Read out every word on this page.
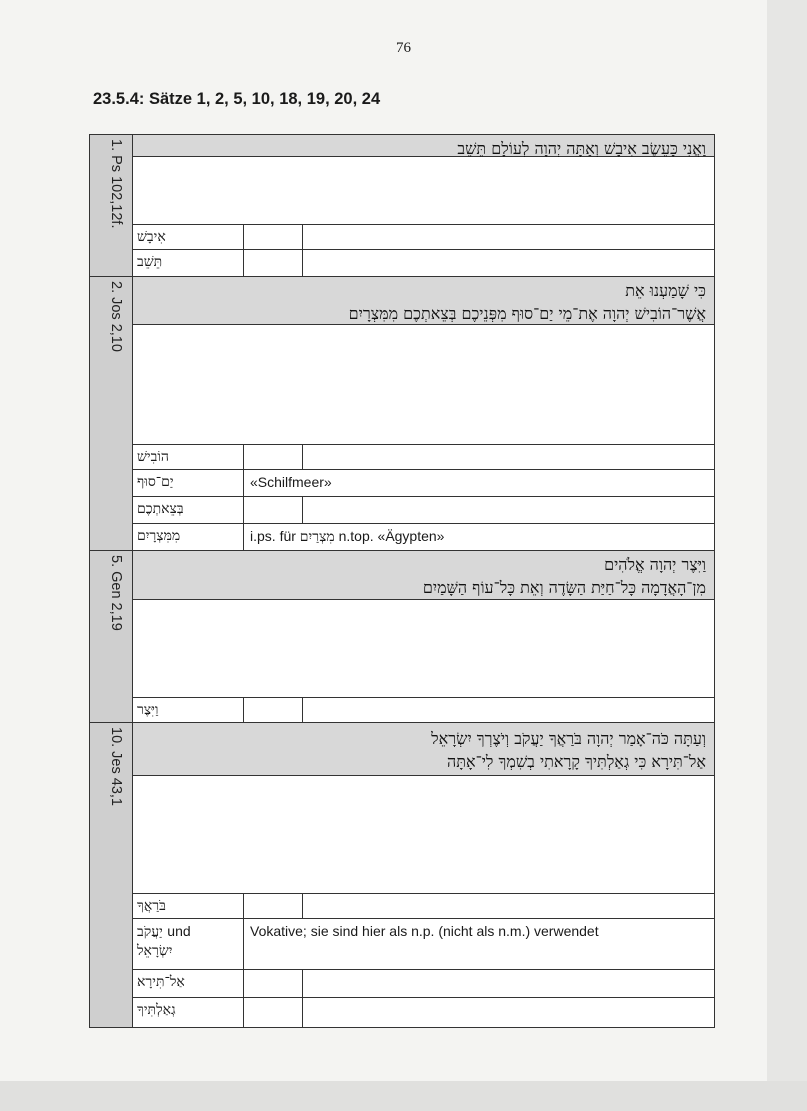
76
23.5.4: Sätze 1, 2, 5, 10, 18, 19, 20, 24
1. Ps 102,12f.	וַאֲנִי כָּעֵשֶׂב אִיבָשׁ וְאַתָּה יְהוָה לְעוֹלָם תֵּשֵׁב
אִיבָשׁ
תֵּשֵׁב
2. Jos 2,10	כִּי שָׁמַעְנוּ אֵת
אֲשֶׁר־הוֹבִישׁ יְהוָה אֶת־מֵי יַם־סוּף מִפְּנֵיכֶם בְּצֵאתְכֶם מִמִּצְרָיִם
הוֹבִישׁ
יַם־סוּף	«Schilfmeer»
בְּצֵאתְכֶם
מִמִּצְרָיִם	i.ps. für מִצְרַיִם n.top. «Ägypten»
5. Gen 2,19	וַיִּצֶר יְהוָה אֱלֹהִים
מִן־הָאֲדָמָה כָּל־חַיַּת הַשָּׂדֶה וְאֵת כָּל־עוֹף הַשָּׁמַיִם
וַיִּצֶר
10. Jes 43,1	וְעַתָּה כֹּה־אָמַר יְהוָה בֹּרַאֲךָ יַעֲקֹב וְיֹצֶרְךָ יִשְׂרָאֵל
אַל־תִּירָא כִּי גְאַלְתִּיךָ קָרָאתִי בְשִׁמְךָ לִי־אָתָּה
בֹּרַאֲךָ
יַעֲקֹב und
יִשְׂרָאֵל
Vokative; sie sind hier als n.p. (nicht als n.m.) verwendet
אַל־תִּירָא
גְאַלְתִּיךָ
